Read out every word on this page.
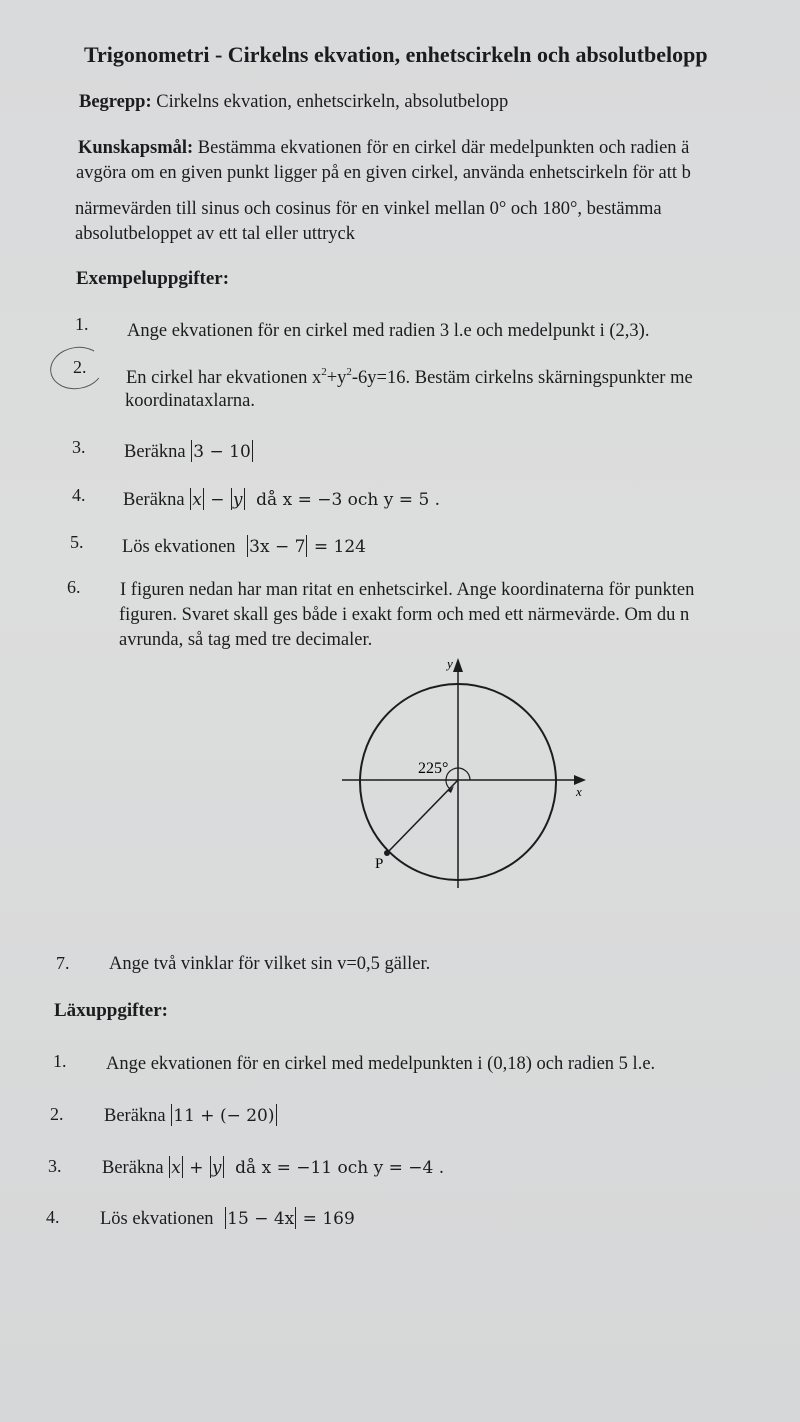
Trigonometri - Cirkelns ekvation, enhetscirkeln och absolutbelopp
Begrepp: Cirkelns ekvation, enhetscirkeln, absolutbelopp
Kunskapsmål: Bestämma ekvationen för en cirkel där medelpunkten och radien ä
avgöra om en given punkt ligger på en given cirkel, använda enhetscirkeln för att b
närmevärden till sinus och cosinus för en vinkel mellan 0° och 180°, bestämma
absolutbeloppet av ett tal eller uttryck
Exempeluppgifter:
1. Ange ekvationen för en cirkel med radien 3 l.e och medelpunkt i (2,3).
2.
En cirkel har ekvationen $x^2+y^2-6y=16$. Bestäm cirkelns skärningspunkter me
koordinataxlarna.
3. Beräkna 3 − 10
4. Beräkna x − y då x = −3 och y = 5 .
5. Lös ekvationen 3x − 7 = 124
6. I figuren nedan har man ritat en enhetscirkel. Ange koordinaterna för punkten
figuren. Svaret skall ges både i exakt form och med ett närmevärde. Om du n
avrunda, så tag med tre decimaler.
y
x
225°
P
7. Ange två vinklar för vilket sin v=0,5 gäller.
Läxuppgifter:
1. Ange ekvationen för en cirkel med medelpunkten i (0,18) och radien 5 l.e.
2. Beräkna 11 + (− 20)
3. Beräkna x + y då x = −11 och y = −4 .
4. Lös ekvationen 15 − 4x = 169
